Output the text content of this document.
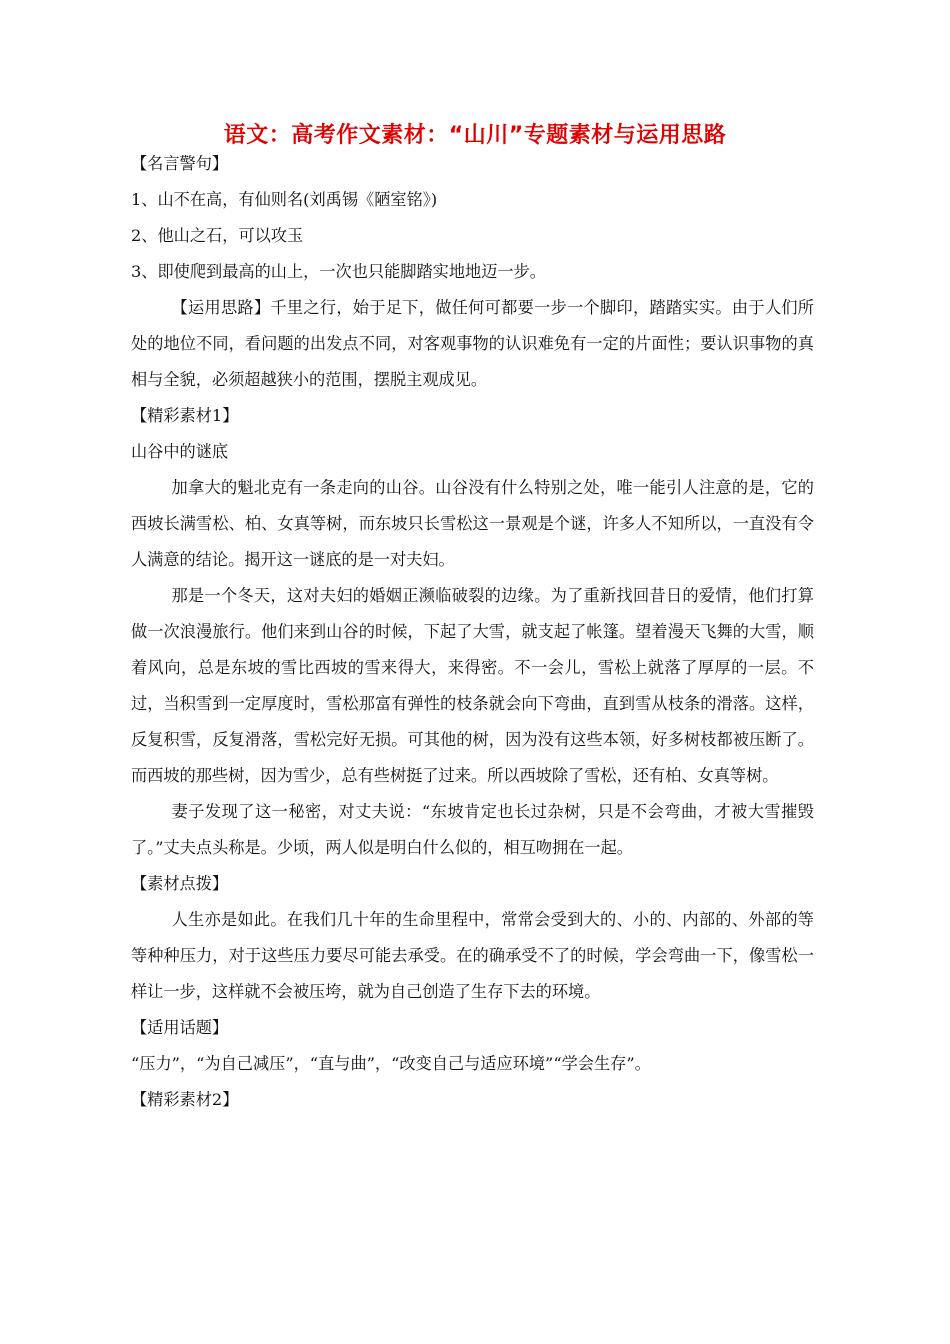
语文：高考作文素材：“山川”专题素材与运用思路

【名言警句】

1、山不在高，有仙则名(刘禹锡《陋室铭》)

2、他山之石，可以攻玉

3、即使爬到最高的山上，一次也只能脚踏实地地迈一步。

【运用思路】千里之行，始于足下，做任何可都要一步一个脚印，踏踏实实。由于人们所处的地位不同，看问题的出发点不同，对客观事物的认识难免有一定的片面性；要认识事物的真相与全貌，必须超越狭小的范围，摆脱主观成见。

【精彩素材1】

山谷中的谜底

加拿大的魁北克有一条走向的山谷。山谷没有什么特别之处，唯一能引人注意的是，它的西坡长满雪松、柏、女真等树，而东坡只长雪松这一景观是个谜，许多人不知所以，一直没有令人满意的结论。揭开这一谜底的是一对夫妇。

那是一个冬天，这对夫妇的婚姻正濒临破裂的边缘。为了重新找回昔日的爱情，他们打算做一次浪漫旅行。他们来到山谷的时候，下起了大雪，就支起了帐篷。望着漫天飞舞的大雪，顺着风向，总是东坡的雪比西坡的雪来得大，来得密。不一会儿，雪松上就落了厚厚的一层。不过，当积雪到一定厚度时，雪松那富有弹性的枝条就会向下弯曲，直到雪从枝条的滑落。这样，反复积雪，反复滑落，雪松完好无损。可其他的树，因为没有这些本领，好多树枝都被压断了。而西坡的那些树，因为雪少，总有些树挺了过来。所以西坡除了雪松，还有柏、女真等树。

妻子发现了这一秘密，对丈夫说：“东坡肯定也长过杂树，只是不会弯曲，才被大雪摧毁了。”丈夫点头称是。少顷，两人似是明白什么似的，相互吻拥在一起。

【素材点拨】

人生亦是如此。在我们几十年的生命里程中，常常会受到大的、小的、内部的、外部的等等种种压力，对于这些压力要尽可能去承受。在的确承受不了的时候，学会弯曲一下，像雪松一样让一步，这样就不会被压垮，就为自己创造了生存下去的环境。

【适用话题】

“压力”，“为自己减压”，“直与曲”，“改变自己与适应环境”“学会生存”。

【精彩素材2】
